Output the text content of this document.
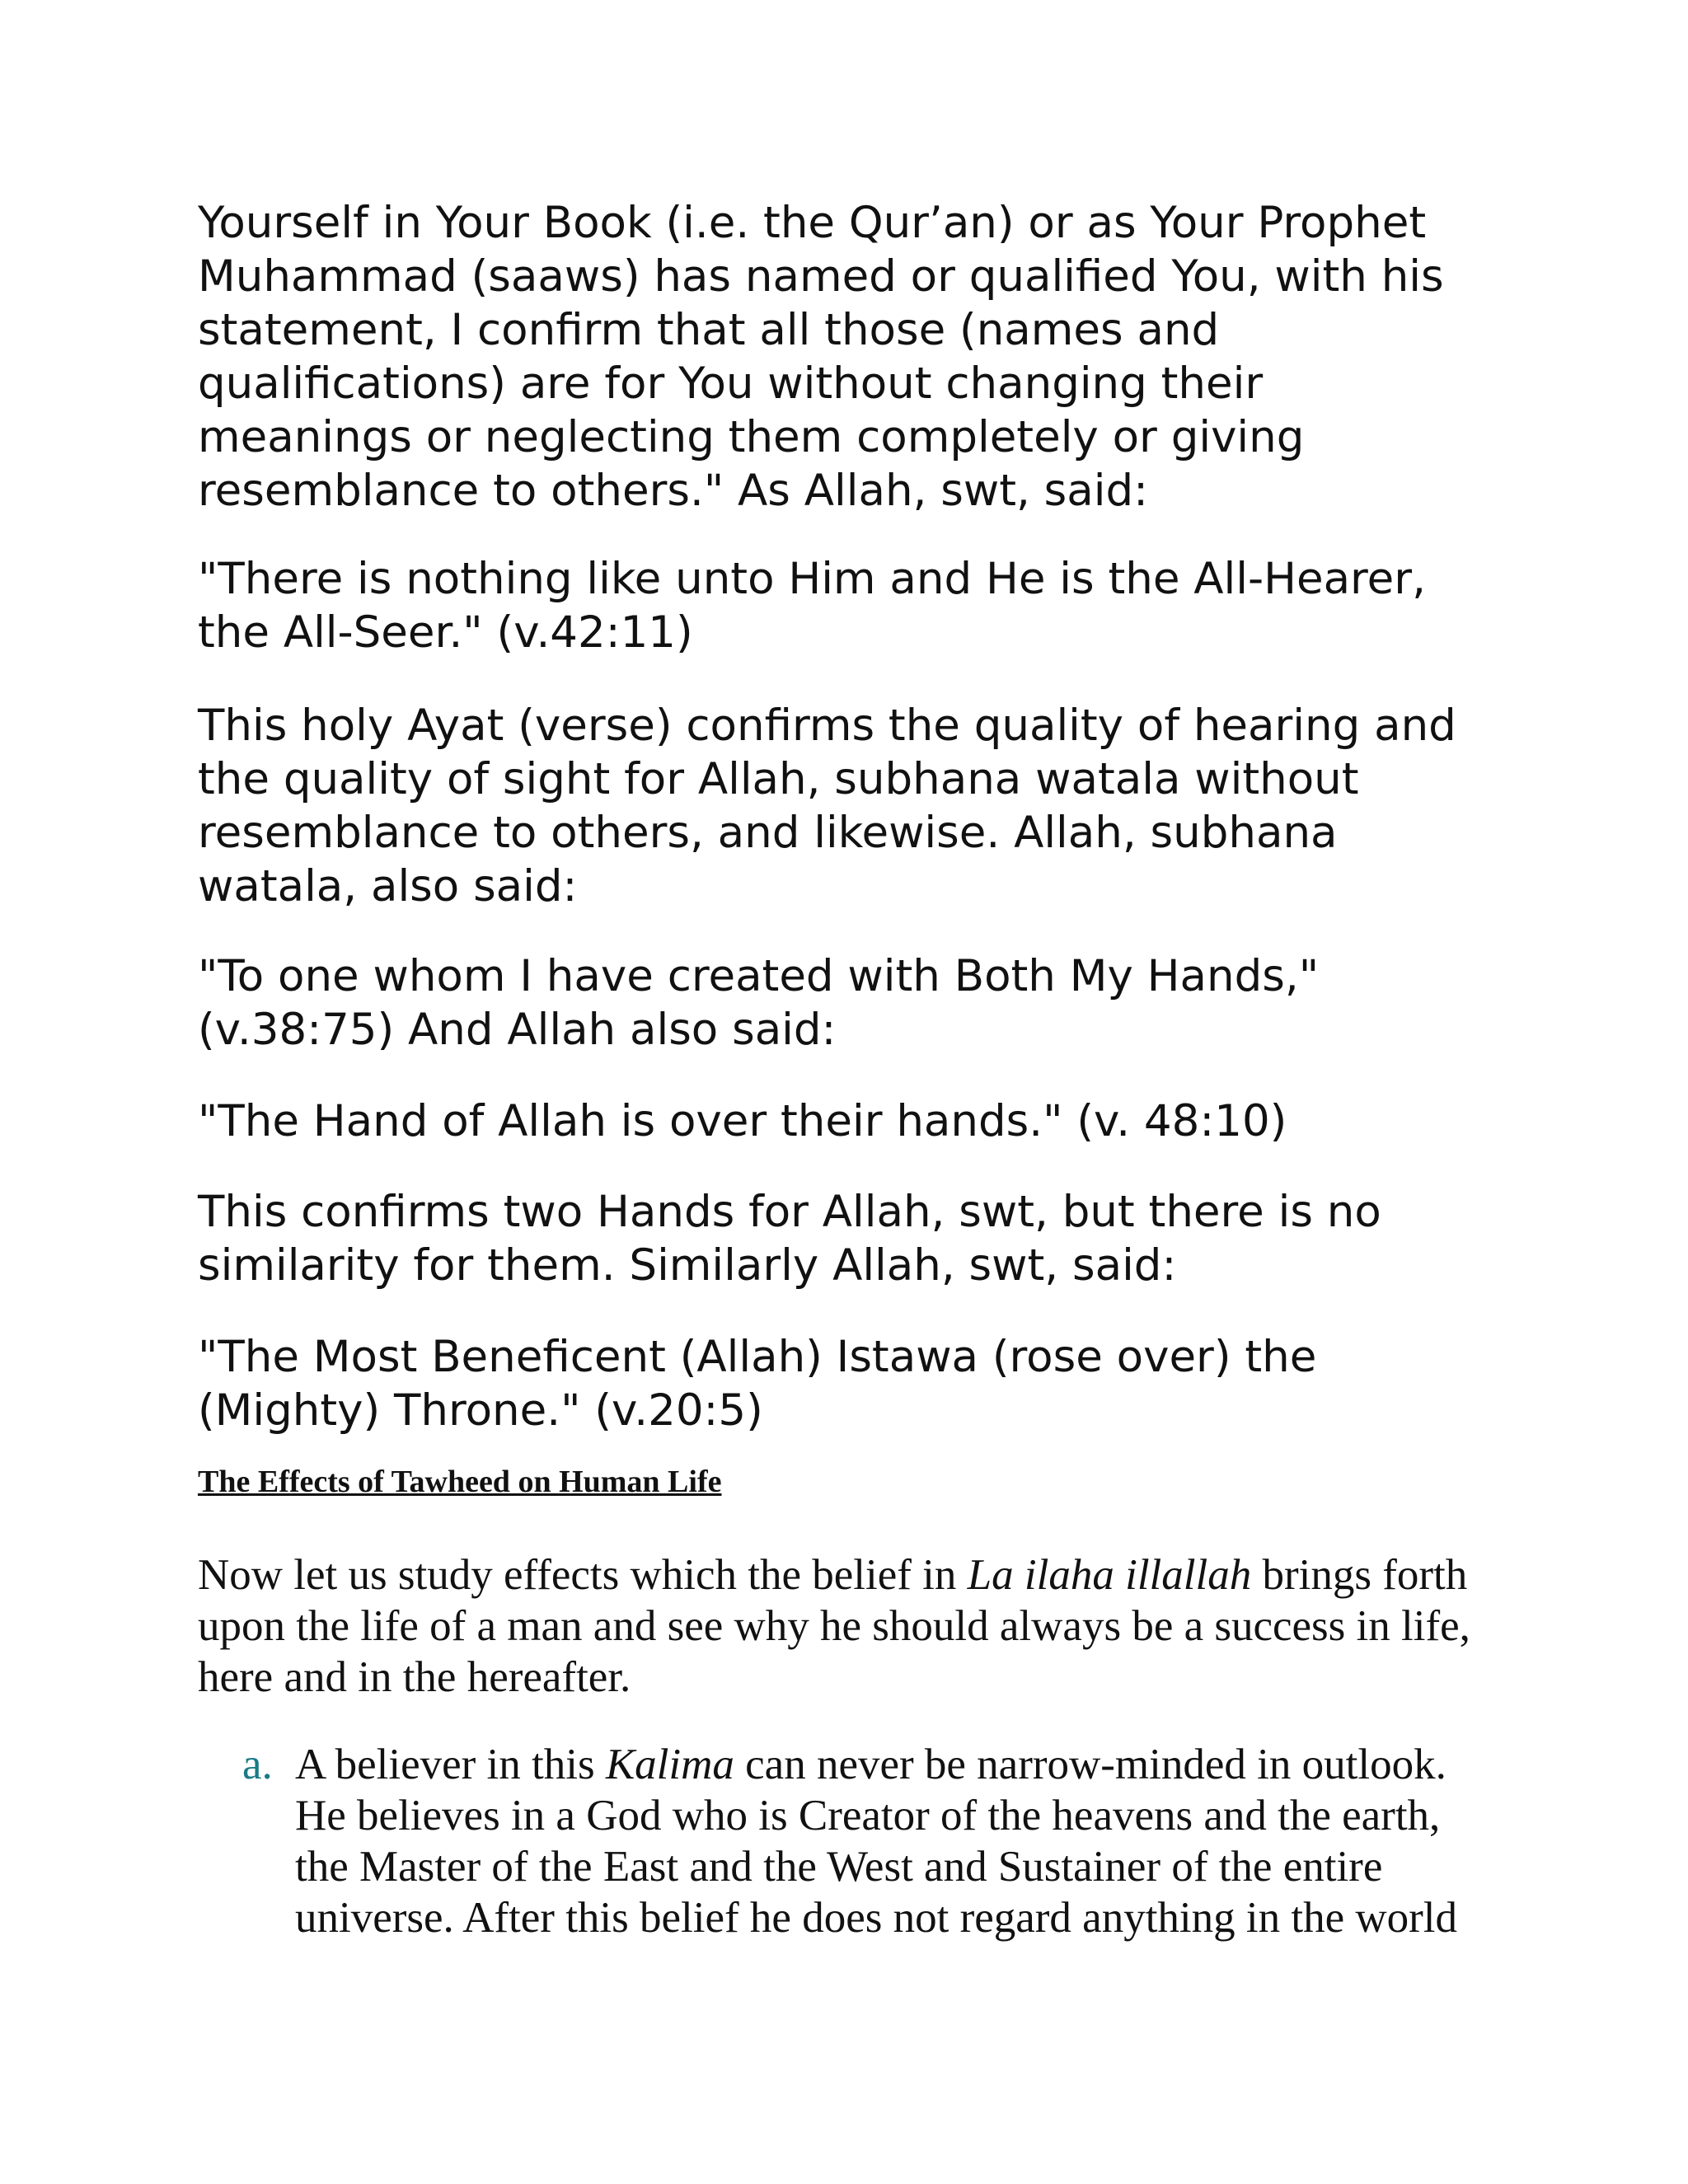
Yourself in Your Book (i.e. the Qur’an) or as Your Prophet
Muhammad (saaws) has named or qualified You, with his
statement, I confirm that all those (names and
qualifications) are for You without changing their
meanings or neglecting them completely or giving
resemblance to others." As Allah, swt, said:

"There is nothing like unto Him and He is the All-Hearer,
the All-Seer." (v.42:11)

This holy Ayat (verse) confirms the quality of hearing and
the quality of sight for Allah, subhana watala without
resemblance to others, and likewise. Allah, subhana
watala, also said:

"To one whom I have created with Both My Hands,"
(v.38:75) And Allah also said:

"The Hand of Allah is over their hands." (v. 48:10)

This confirms two Hands for Allah, swt, but there is no
similarity for them. Similarly Allah, swt, said:

"The Most Beneficent (Allah) Istawa (rose over) the
(Mighty) Throne." (v.20:5)

The Effects of Tawheed on Human Life

Now let us study effects which the belief in La ilaha illallah brings forth
upon the life of a man and see why he should always be a success in life,
here and in the hereafter.

a. A believer in this Kalima can never be narrow-minded in outlook.
He believes in a God who is Creator of the heavens and the earth,
the Master of the East and the West and Sustainer of the entire
universe. After this belief he does not regard anything in the world
